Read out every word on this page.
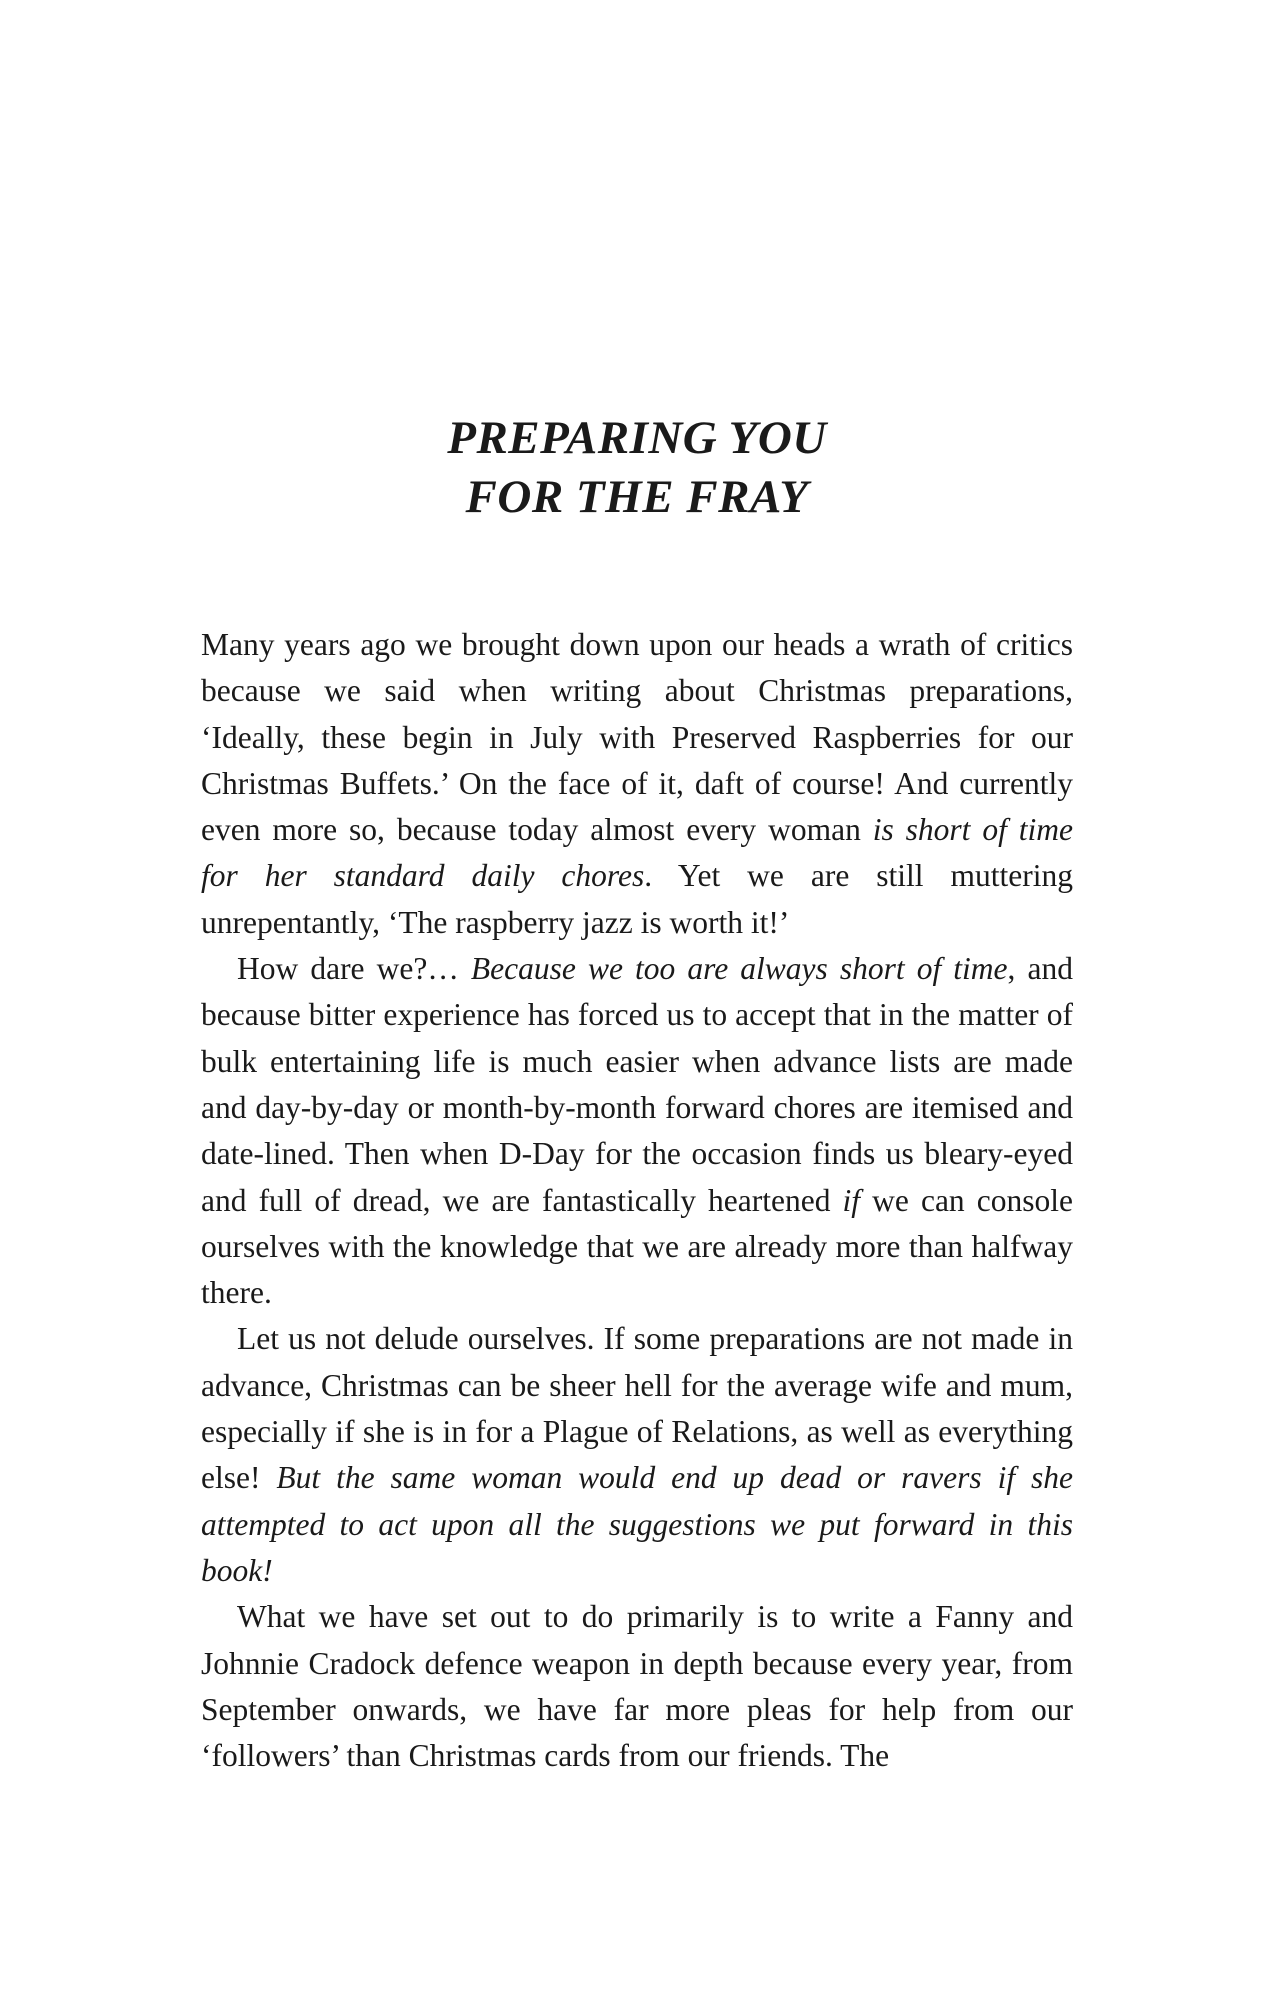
PREPARING YOU
FOR THE FRAY

Many years ago we brought down upon our heads a wrath of critics because we said when writing about Christmas preparations, ‘Ideally, these begin in July with Preserved Raspberries for our Christmas Buffets.’ On the face of it, daft of course! And currently even more so, because today almost every woman is short of time for her standard daily chores. Yet we are still muttering unrepentantly, ‘The raspberry jazz is worth it!’

How dare we?… Because we too are always short of time, and because bitter experience has forced us to accept that in the matter of bulk entertaining life is much easier when advance lists are made and day-by-day or month-by-month forward chores are itemised and date-lined. Then when D-Day for the occasion finds us bleary-eyed and full of dread, we are fantastically heartened if we can console ourselves with the knowledge that we are already more than halfway there.

Let us not delude ourselves. If some preparations are not made in advance, Christmas can be sheer hell for the average wife and mum, especially if she is in for a Plague of Relations, as well as everything else! But the same woman would end up dead or ravers if she attempted to act upon all the suggestions we put forward in this book!

What we have set out to do primarily is to write a Fanny and Johnnie Cradock defence weapon in depth because every year, from September onwards, we have far more pleas for help from our ‘followers’ than Christmas cards from our friends. The
